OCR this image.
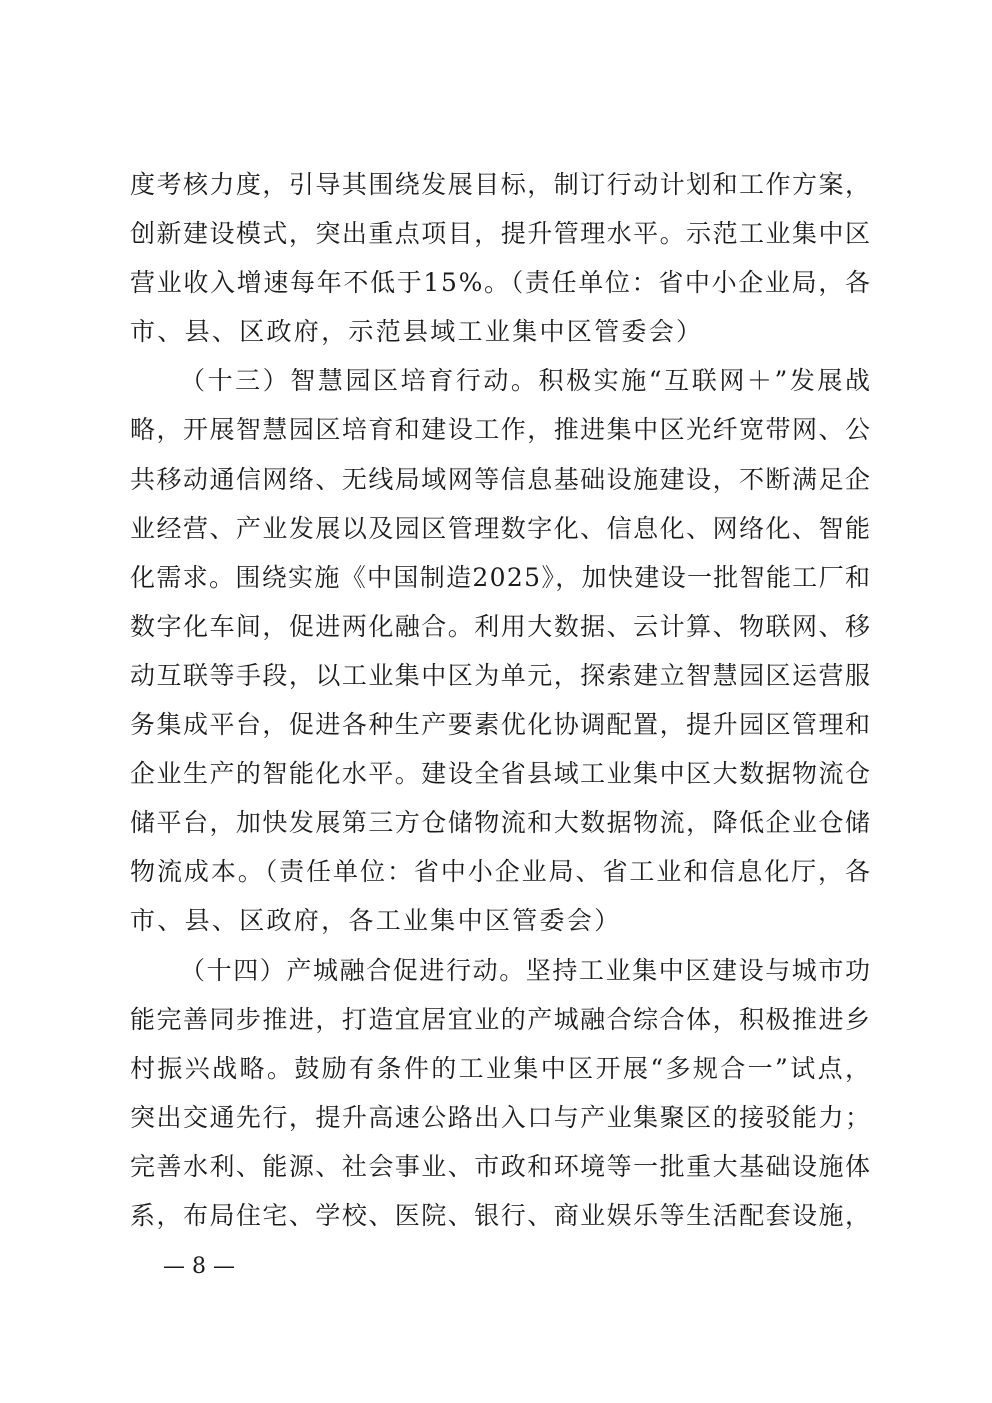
度考核力度，引导其围绕发展目标，制订行动计划和工作方案，
创新建设模式，突出重点项目，提升管理水平。示范工业集中区
营业收入增速每年不低于15%。（责任单位：省中小企业局，各
市、县、区政府，示范县域工业集中区管委会）
（十三）智慧园区培育行动。积极实施“互联网＋”发展战
略，开展智慧园区培育和建设工作，推进集中区光纤宽带网、公
共移动通信网络、无线局域网等信息基础设施建设，不断满足企
业经营、产业发展以及园区管理数字化、信息化、网络化、智能
化需求。围绕实施《中国制造2025》，加快建设一批智能工厂和
数字化车间，促进两化融合。利用大数据、云计算、物联网、移
动互联等手段，以工业集中区为单元，探索建立智慧园区运营服
务集成平台，促进各种生产要素优化协调配置，提升园区管理和
企业生产的智能化水平。建设全省县域工业集中区大数据物流仓
储平台，加快发展第三方仓储物流和大数据物流，降低企业仓储
物流成本。（责任单位：省中小企业局、省工业和信息化厅，各
市、县、区政府，各工业集中区管委会）
（十四）产城融合促进行动。坚持工业集中区建设与城市功
能完善同步推进，打造宜居宜业的产城融合综合体，积极推进乡
村振兴战略。鼓励有条件的工业集中区开展“多规合一”试点，
突出交通先行，提升高速公路出入口与产业集聚区的接驳能力；
完善水利、能源、社会事业、市政和环境等一批重大基础设施体
系，布局住宅、学校、医院、银行、商业娱乐等生活配套设施，
— 8 —
